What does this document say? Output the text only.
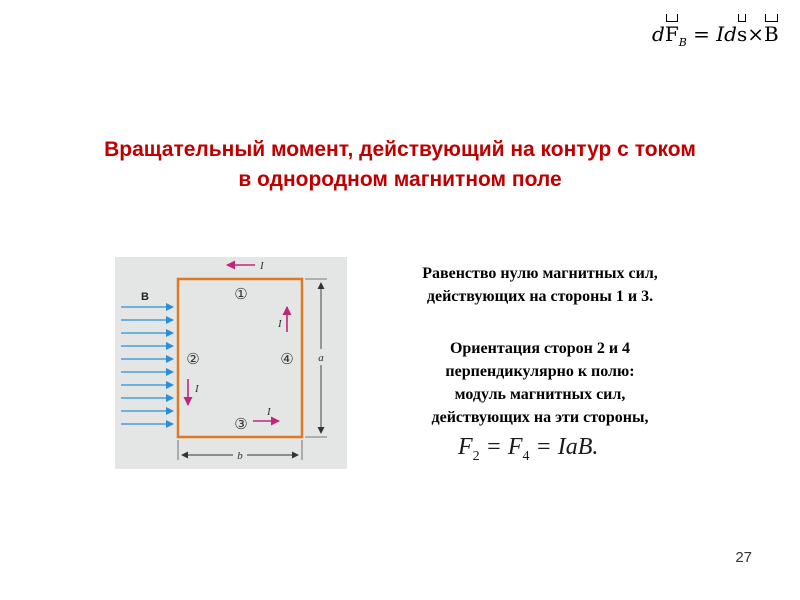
$dF_B = Ids\times B$
Вращательный момент, действующий на контур с током
в однородном магнитном поле
B
I
I
I
I
①
②
③
④ a
b
Равенство нулю магнитных сил,
действующих на стороны 1 и 3.
Ориентация сторон 2 и 4
перпендикулярно к полю:
модуль магнитных сил,
действующих на эти стороны,
$F_2 = F_4$ = IaB.
27
